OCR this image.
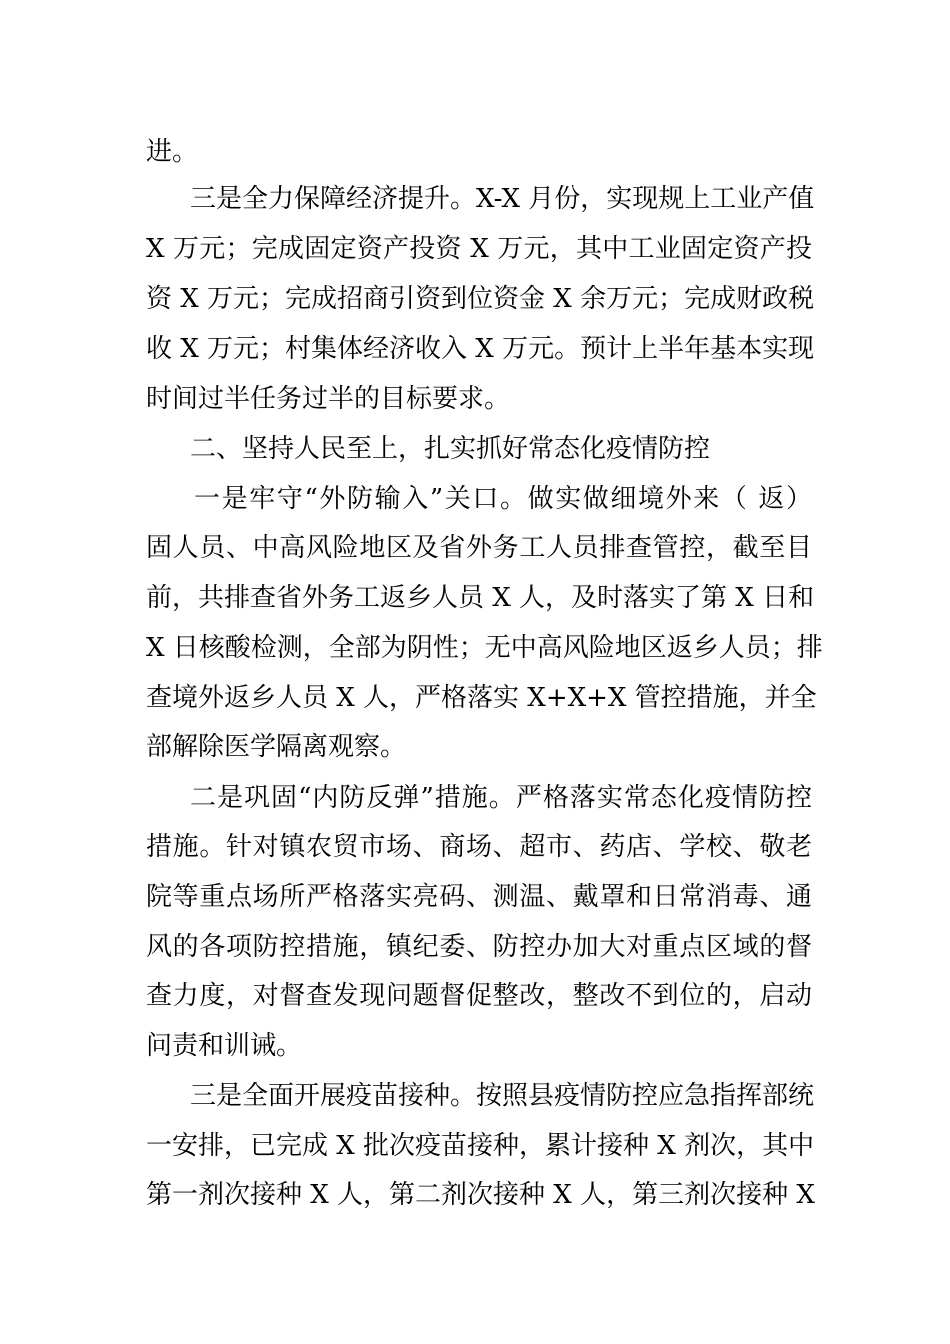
进。
三是全力保障经济提升。X-X 月份，实现规上工业产值
X 万元；完成固定资产投资 X 万元，其中工业固定资产投
资 X 万元；完成招商引资到位资金 X 余万元；完成财政税
收 X 万元；村集体经济收入 X 万元。预计上半年基本实现
时间过半任务过半的目标要求。
二、坚持人民至上，扎实抓好常态化疫情防控
一是牢守“外防输入”关口。做实做细境外来（ 返）
固人员、中高风险地区及省外务工人员排查管控，截至目
前，共排查省外务工返乡人员 X 人，及时落实了第 X 日和
X 日核酸检测，全部为阴性；无中高风险地区返乡人员；排
查境外返乡人员 X 人，严格落实 X+X+X 管控措施，并全
部解除医学隔离观察。
二是巩固“内防反弹”措施。严格落实常态化疫情防控
措施。针对镇农贸市场、商场、超市、药店、学校、敬老
院等重点场所严格落实亮码、测温、戴罩和日常消毒、通
风的各项防控措施，镇纪委、防控办加大对重点区域的督
查力度，对督查发现问题督促整改，整改不到位的，启动
问责和训诫。
三是全面开展疫苗接种。按照县疫情防控应急指挥部统
一安排，已完成 X 批次疫苗接种，累计接种 X 剂次，其中
第一剂次接种 X 人，第二剂次接种 X 人，第三剂次接种 X
